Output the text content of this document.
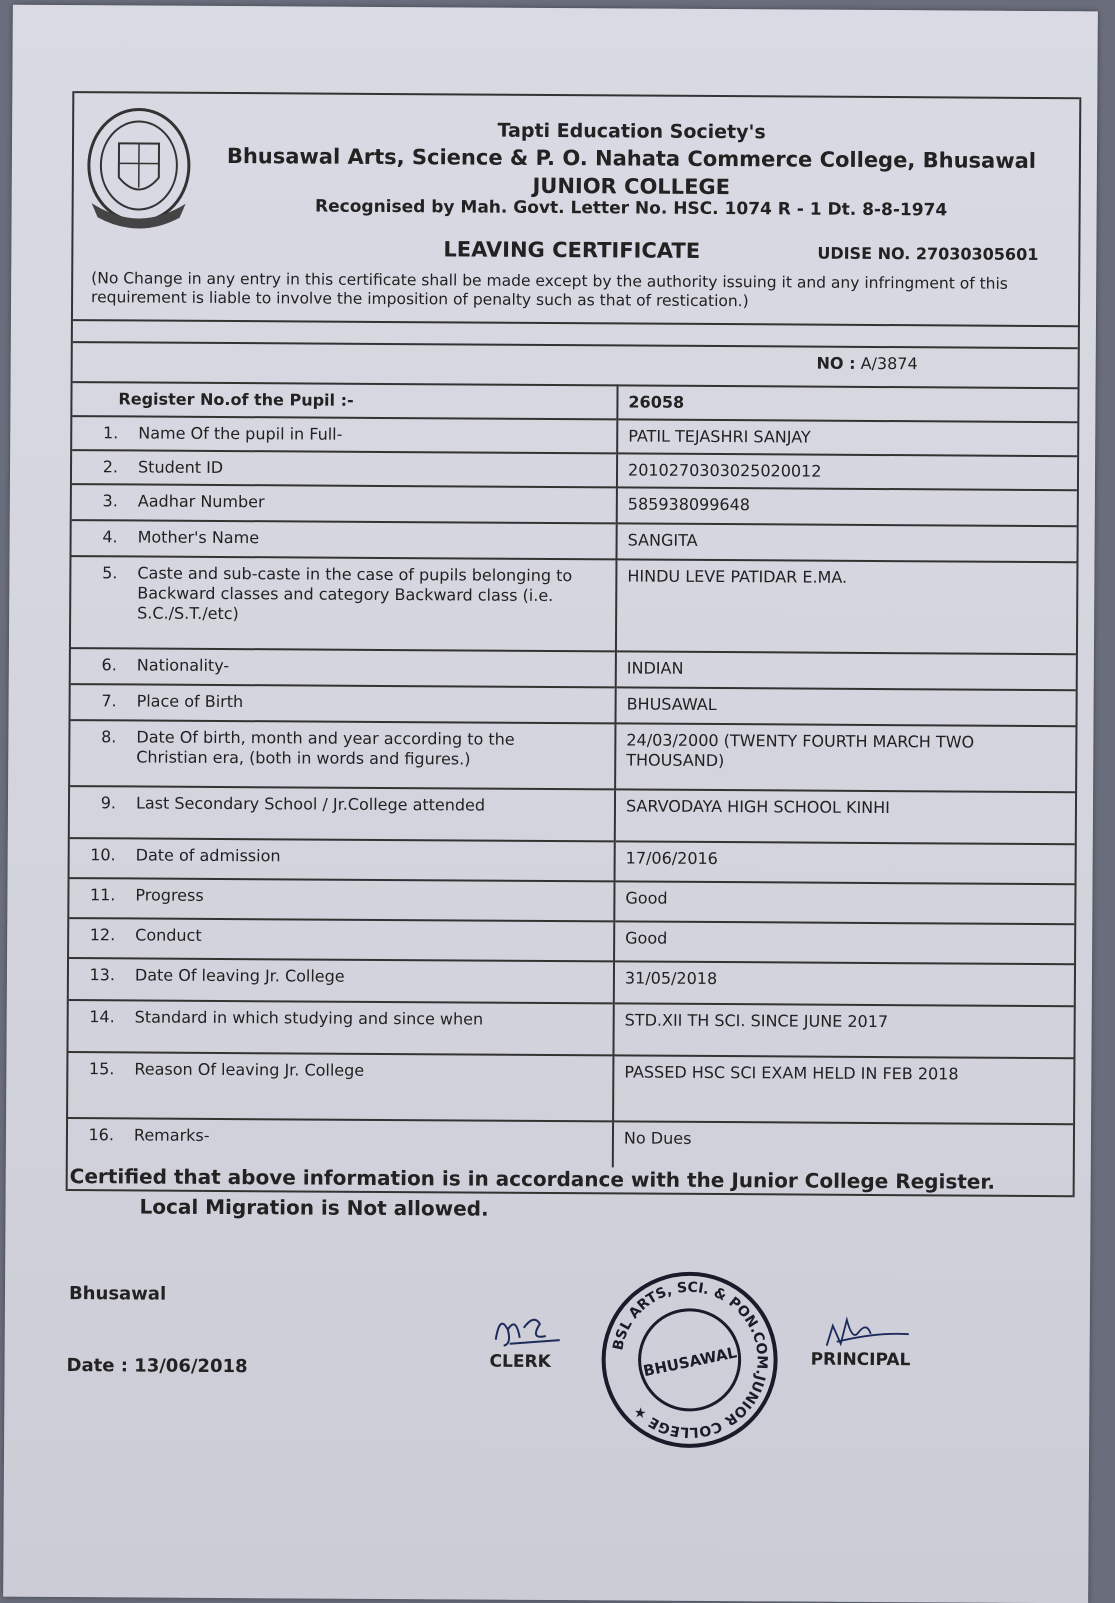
Tapti Education Society's
Bhusawal Arts, Science & P. O. Nahata Commerce College, Bhusawal
JUNIOR COLLEGE
Recognised by Mah. Govt. Letter No. HSC. 1074 R - 1 Dt. 8-8-1974
LEAVING CERTIFICATE	UDISE NO. 27030305601
(No Change in any entry in this certificate shall be made except by the authority issuing it and any infringment of this requirement is liable to involve the imposition of penalty such as that of restication.)
NO : A/3874
Register No.of the Pupil :-	26058
1. Name Of the pupil in Full-	PATIL TEJASHRI SANJAY
2. Student ID	20102703030250200​12
3. Aadhar Number	585938099648
4. Mother's Name	SANGITA
5. Caste and sub-caste in the case of pupils belonging to Backward classes and category Backward class (i.e. S.C./S.T./etc)	HINDU LEVE PATIDAR E.MA.
6. Nationality-	INDIAN
7. Place of Birth	BHUSAWAL
8. Date Of birth, month and year according to the Christian era, (both in words and figures.)	24/03/2000 (TWENTY FOURTH MARCH TWO THOUSAND)
9. Last Secondary School / Jr.College attended	SARVODAYA HIGH SCHOOL KINHI
10. Date of admission	17/06/2016
11. Progress	Good
12. Conduct	Good
13. Date Of leaving Jr. College	31/05/2018
14. Standard in which studying and since when	STD.XII TH SCI. SINCE JUNE 2017
15. Reason Of leaving Jr. College	PASSED HSC SCI EXAM HELD IN FEB 2018
16. Remarks-	No Dues
Certified that above information is in accordance with the Junior College Register.
Local Migration is Not allowed.
Bhusawal
Date : 13/06/2018	CLERK	BHUSAWAL
BSL ARTS, SCI. & PON.COM.JUNIOR COLLEGE ★
PRINCIPAL
